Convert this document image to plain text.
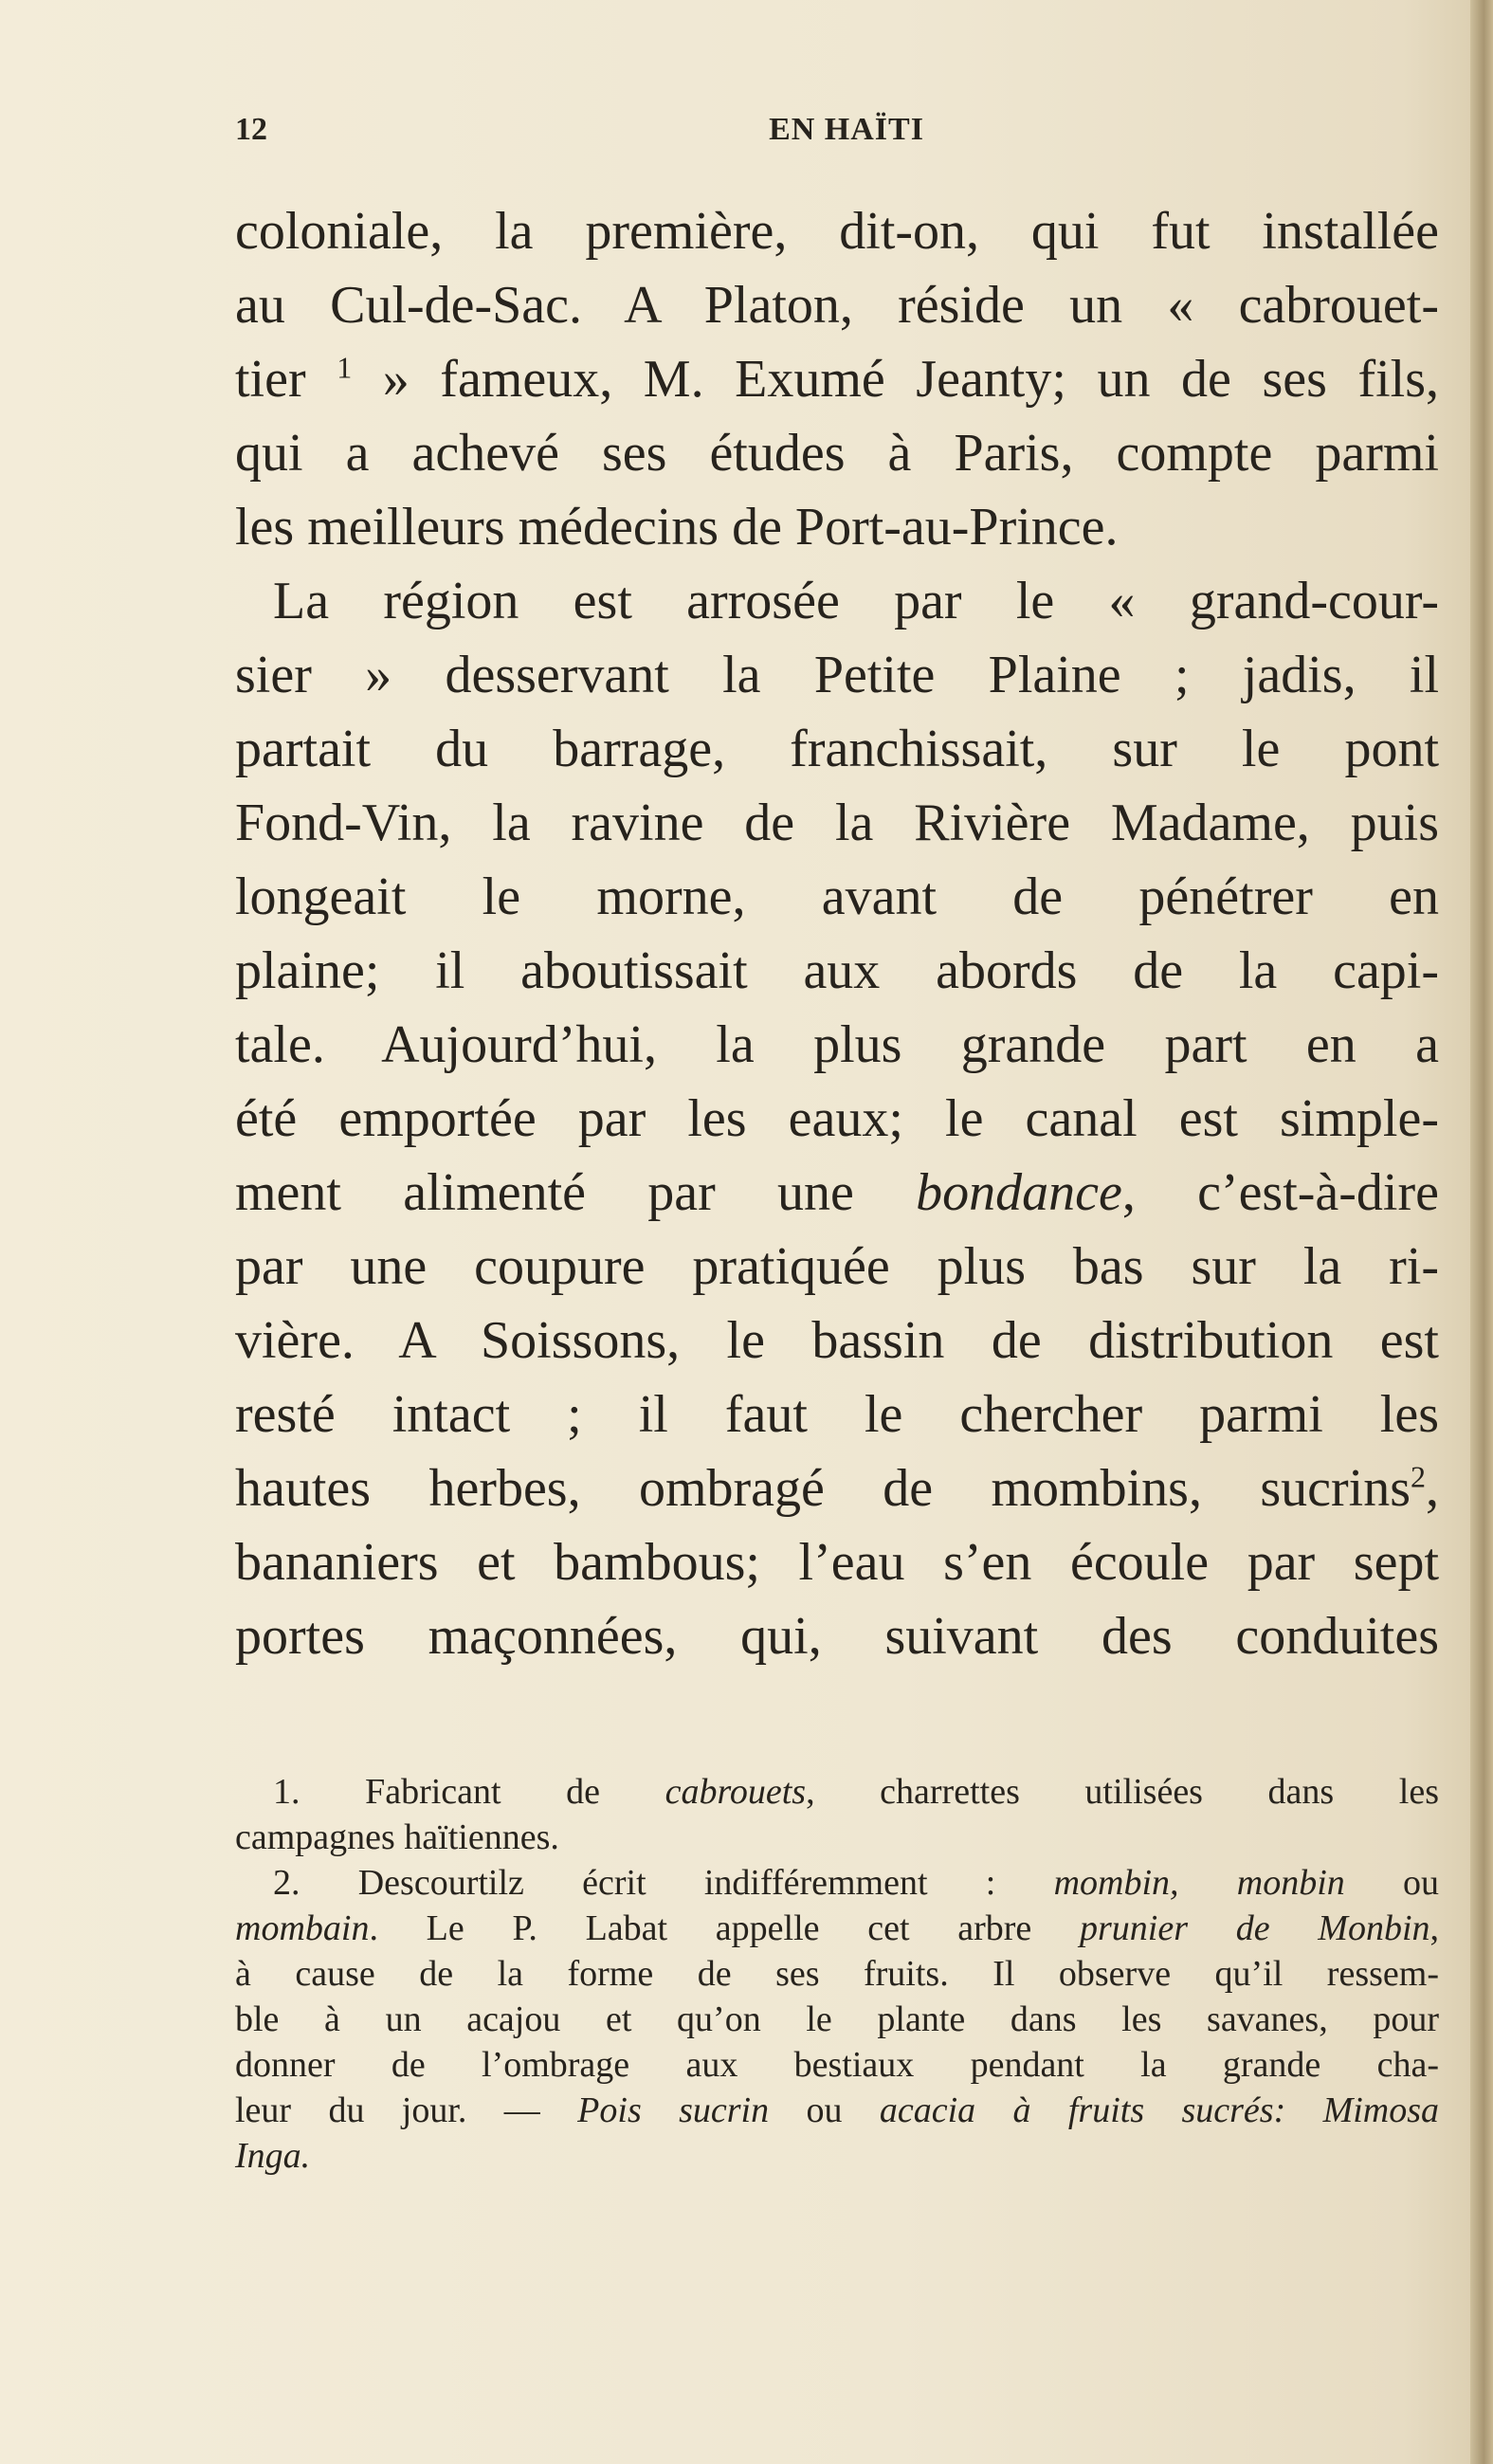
12	EN HAÏTI
coloniale, la première, dit-on, qui fut installée
au Cul-de-Sac. A Platon, réside un « cabrouet-
tier $^1$ » fameux, M. Exumé Jeanty; un de ses fils,
qui a achevé ses études à Paris, compte parmi
les meilleurs médecins de Port-au-Prince.
La région est arrosée par le « grand-cour-
sier » desservant la Petite Plaine ; jadis, il
partait du barrage, franchissait, sur le pont
Fond-Vin, la ravine de la Rivière Madame, puis
longeait le morne, avant de pénétrer en
plaine; il aboutissait aux abords de la capi-
tale. Aujourd’hui, la plus grande part en a
été emportée par les eaux; le canal est simple-
ment alimenté par une bondance, c’est-à-dire
par une coupure pratiquée plus bas sur la ri-
vière. A Soissons, le bassin de distribution est
resté intact ; il faut le chercher parmi les
hautes herbes, ombragé de mombins, sucrins$^2$,
bananiers et bambous; l’eau s’en écoule par sept
portes maçonnées, qui, suivant des conduites
1. Fabricant de cabrouets, charrettes utilisées dans les
campagnes haïtiennes.
2. Descourtilz écrit indifféremment : mombin, monbin ou
mombain. Le P. Labat appelle cet arbre prunier de Monbin,
à cause de la forme de ses fruits. Il observe qu’il ressem-
ble à un acajou et qu’on le plante dans les savanes, pour
donner de l’ombrage aux bestiaux pendant la grande cha-
leur du jour. — Pois sucrin ou acacia à fruits sucrés: Mimosa
Inga.
